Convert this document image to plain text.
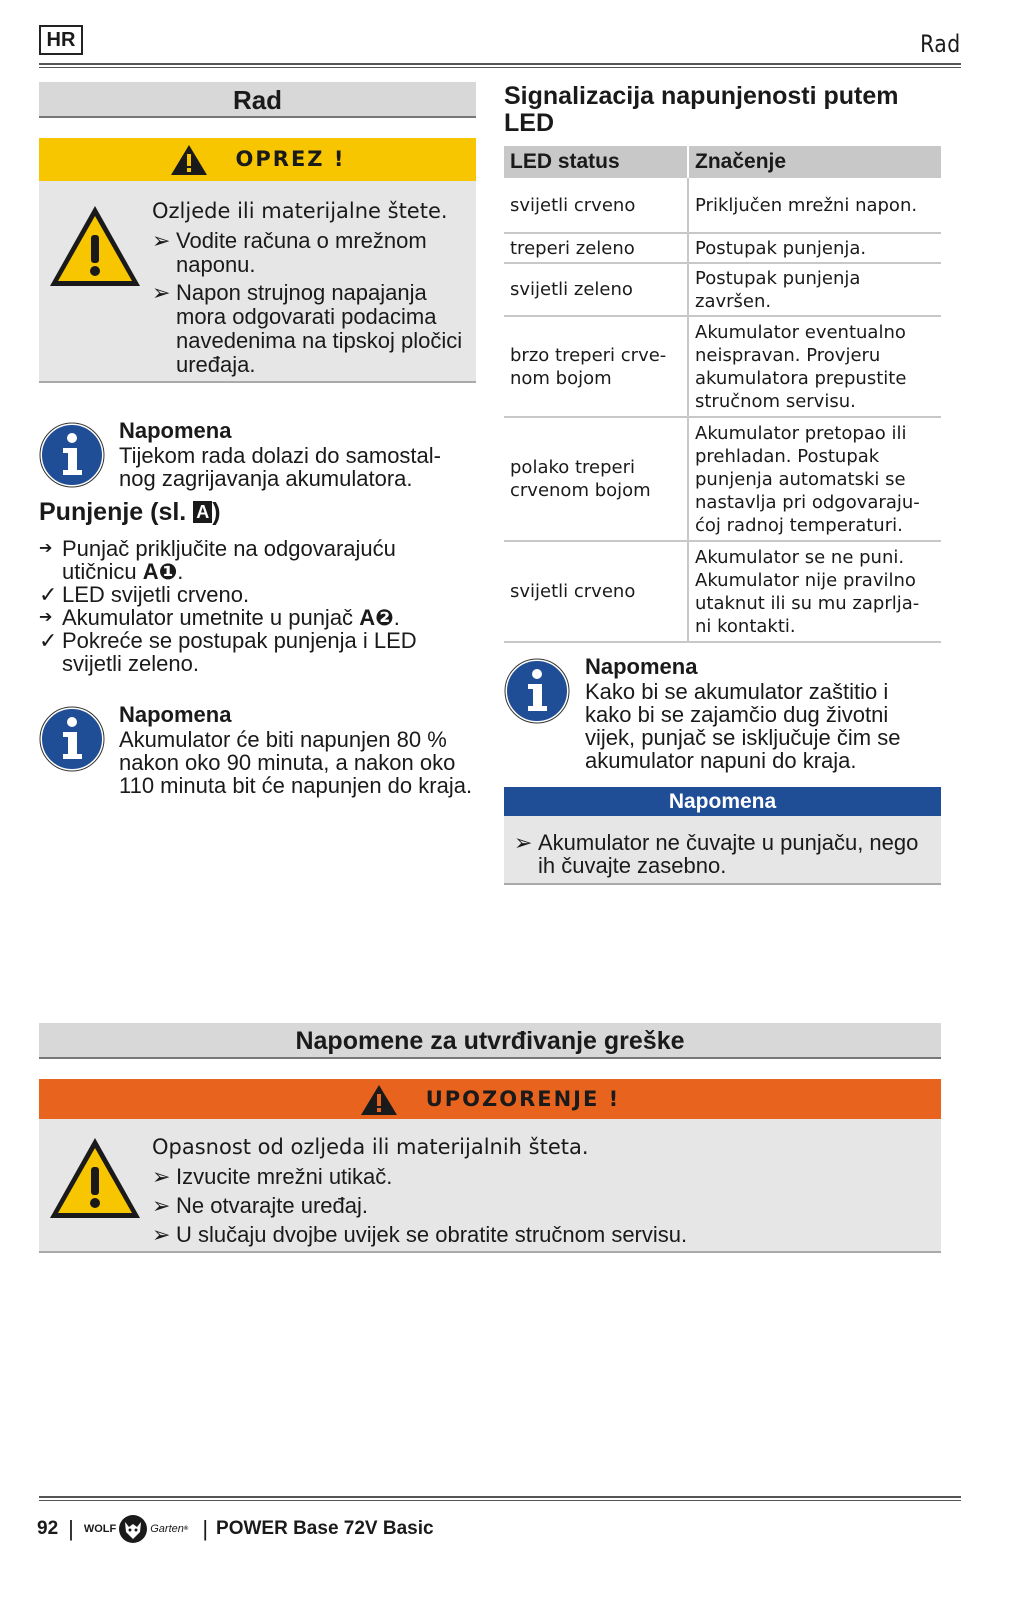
HR	Rad
Rad
OPREZ !
Ozljede ili materijalne štete.
➢ Vodite računa o mrežnom naponu.
➢ Napon strujnog napajanja mora odgovarati podacima navedenima na tipskoj pločici uređaja.
Napomena
Tijekom rada dolazi do samostal- nog zagrijavanja akumulatora.
Punjenje (sl. A )
➔ Punjač priključite na odgovarajuću utičnicu A❶.
✓ LED svijetli crveno.
➔ Akumulator umetnite u punjač A❷.
✓ Pokreće se postupak punjenja i LED svijetli zeleno.
Napomena
Akumulator će biti napunjen 80 % nakon oko 90 minuta, a nakon oko 110 minuta bit će napunjen do kraja.
Signalizacija napunjenosti putem LED
LED status	Značenje
svijetli crveno	Priključen mrežni napon.
treperi zeleno	Postupak punjenja.
svijetli zeleno	Postupak punjenja završen.
brzo treperi crve- nom bojom	Akumulator eventualno neispravan. Provjeru akumulatora prepustite stručnom servisu.
polako treperi crvenom bojom	Akumulator pretopao ili prehladan. Postupak punjenja automatski se nastavlja pri odgovaraju- ćoj radnoj temperaturi.
svijetli crveno	Akumulator se ne puni. Akumulator nije pravilno utaknut ili su mu zaprlja- ni kontakti.
Napomena
Kako bi se akumulator zaštitio i kako bi se zajamčio dug životni vijek, punjač se isključuje čim se akumulator napuni do kraja.
Napomena
➢ Akumulator ne čuvajte u punjaču, nego ih čuvajte zasebno.
Napomene za utvrđivanje greške
UPOZORENJE !
Opasnost od ozljeda ili materijalnih šteta.
➢ Izvucite mrežni utikač.
➢ Ne otvarajte uređaj.
➢ U slučaju dvojbe uvijek se obratite stručnom servisu.
92 | WOLF	Garten ® | POWER Base 72V Basic
